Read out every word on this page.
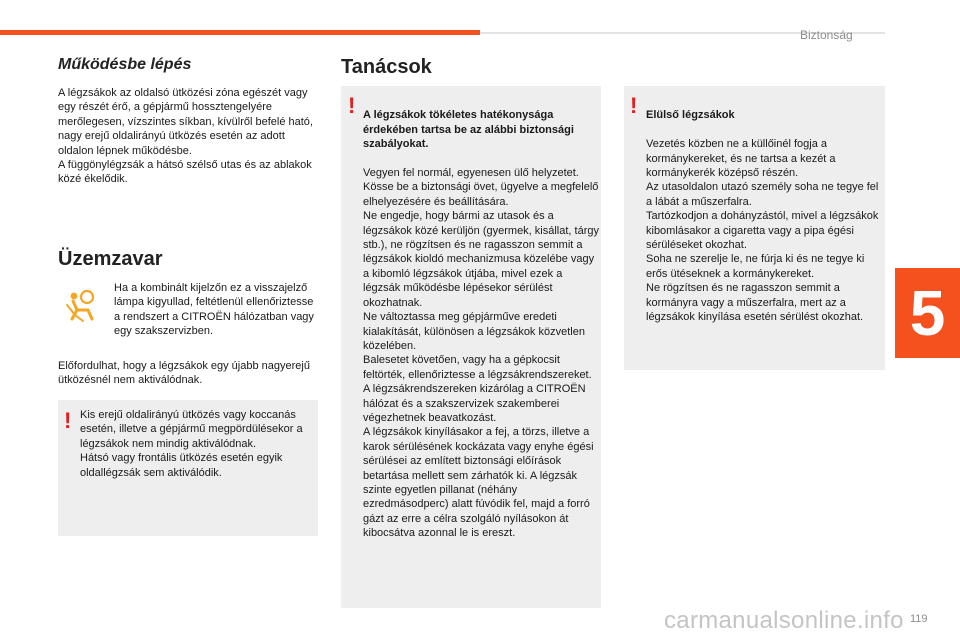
Biztonság
5
Működésbe lépés
A légzsákok az oldalsó ütközési zóna egészét vagy egy részét érő, a gépjármű hossztengelyére merőlegesen, vízszintes síkban, kívülről befelé ható, nagy erejű oldalirányú ütközés esetén az adott oldalon lépnek működésbe.
A függönylégzsák a hátsó szélső utas és az ablakok közé ékelődik.
Üzemzavar
Ha a kombinált kijelzőn ez a visszajelző lámpa kigyullad, feltétlenül ellenőriztesse a rendszert a CITROËN hálózatban vagy egy szakszervizben.
Előfordulhat, hogy a légzsákok egy újabb nagyerejű ütközésnél nem aktiválódnak.
! Kis erejű oldalirányú ütközés vagy koccanás esetén, illetve a gépjármű megpördülésekor a légzsákok nem mindig aktiválódnak.
Hátsó vagy frontális ütközés esetén egyik oldallégzsák sem aktiválódik.
Tanácsok
! A légzsákok tökéletes hatékonysága érdekében tartsa be az alábbi biztonsági szabályokat.

Vegyen fel normál, egyenesen ülő helyzetet.
Kösse be a biztonsági övet, ügyelve a megfelelő elhelyezésére és beállítására.
Ne engedje, hogy bármi az utasok és a légzsákok közé kerüljön (gyermek, kisállat, tárgy stb.), ne rögzítsen és ne ragasszon semmit a légzsákok kioldó mechanizmusa közelébe vagy a kibomló légzsákok útjába, mivel ezek a légzsák működésbe lépésekor sérülést okozhatnak.
Ne változtassa meg gépjárműve eredeti kialakítását, különösen a légzsákok közvetlen közelében.
Balesetet követően, vagy ha a gépkocsit feltörték, ellenőriztesse a légzsákrendszereket.
A légzsákrendszereken kizárólag a CITROËN hálózat és a szakszervizek szakemberei végezhetnek beavatkozást.
A légzsákok kinyílásakor a fej, a törzs, illetve a karok sérülésének kockázata vagy enyhe égési sérülései az említett biztonsági előírások betartása mellett sem zárhatók ki. A légzsák szinte egyetlen pillanat (néhány ezredmásodperc) alatt fúvódik fel, majd a forró gázt az erre a célra szolgáló nyílásokon át kibocsátva azonnal le is ereszt.

! Elülső légzsákok

Vezetés közben ne a küllőinél fogja a kormánykereket, és ne tartsa a kezét a kormánykerék középső részén.
Az utasoldalon utazó személy soha ne tegye fel a lábát a műszerfalra.
Tartózkodjon a dohányzástól, mivel a légzsákok kibomlásakor a cigaretta vagy a pipa égési sérüléseket okozhat.
Soha ne szerelje le, ne fúrja ki és ne tegye ki erős ütéseknek a kormánykereket.
Ne rögzítsen és ne ragasszon semmit a kormányra vagy a műszerfalra, mert az a légzsákok kinyílása esetén sérülést okozhat.

carmanualsonline.info 119
